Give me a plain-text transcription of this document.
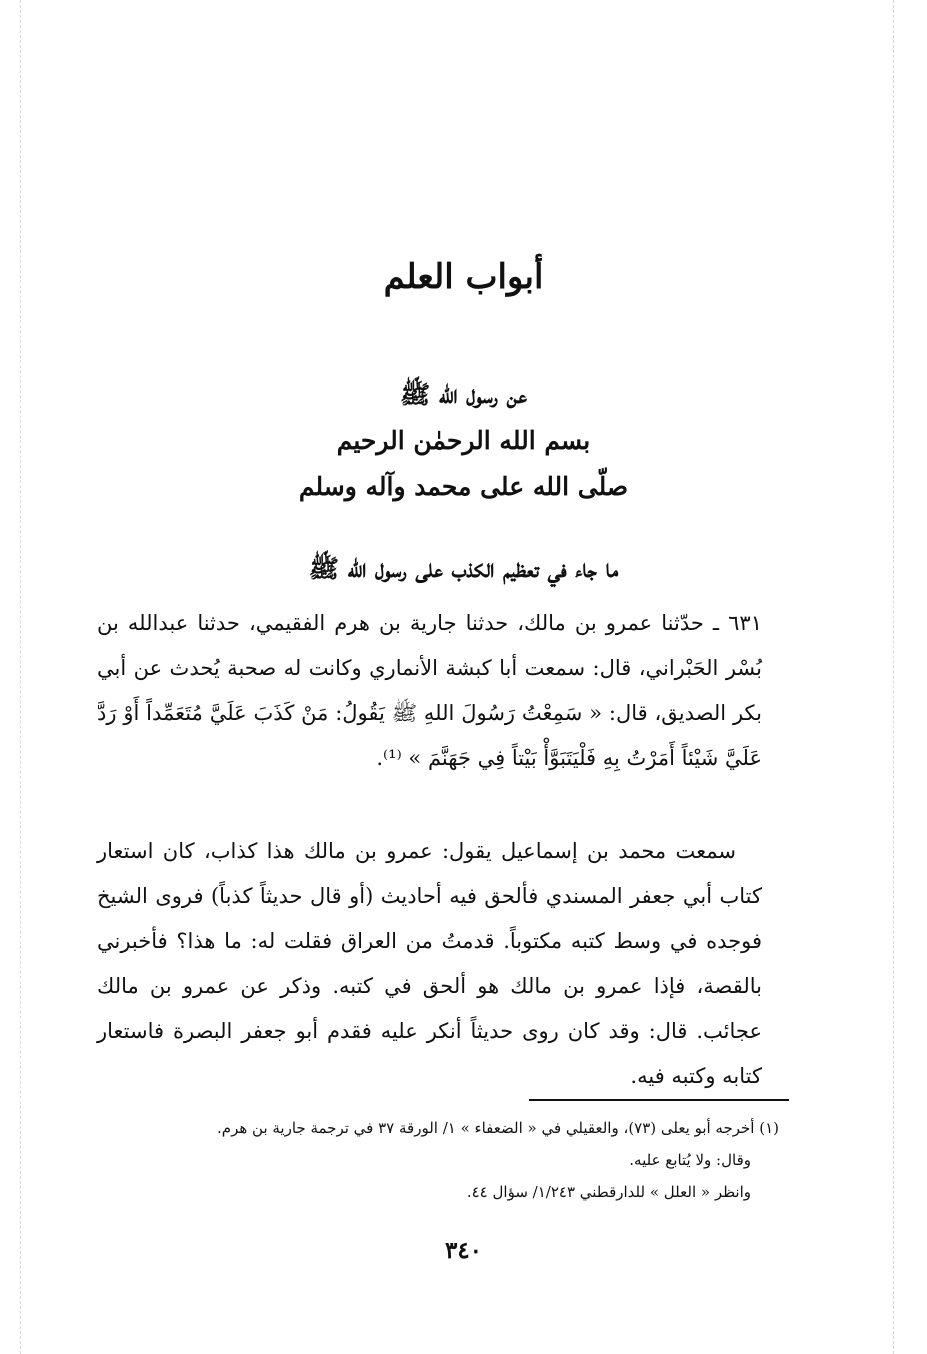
أبواب العلم
عن رسول الله ﷺ
بسم الله الرحمٰن الرحيم
صلّى الله على محمد وآله وسلم
ما جاء في تعظيم الكذب على رسول الله ﷺ

٦٣١ ـ حدّثنا عمرو بن مالك، حدثنا جارية بن هرم الفقيمي، حدثنا عبدالله بن بُسْر الحَبْراني، قال: سمعت أبا كبشة الأنماري وكانت له صحبة يُحدث عن أبي بكر الصديق، قال: « سَمِعْتُ رَسُولَ اللهِ ﷺ يَقُولُ: مَنْ كَذَبَ عَلَيَّ مُتَعَمِّداً أَوْ رَدَّ عَلَيَّ شَيْئاً أَمَرْتُ بِهِ فَلْيَتَبَوَّأْ بَيْتاً فِي جَهَنَّمَ » ⁽¹⁾.

سمعت محمد بن إسماعيل يقول: عمرو بن مالك هذا كذاب، كان استعار كتاب أبي جعفر المسندي فألحق فيه أحاديث (أو قال حديثاً كذباً) فروى الشيخ فوجده في وسط كتبه مكتوباً. قدمتُ من العراق فقلت له: ما هذا؟ فأخبرني بالقصة، فإذا عمرو بن مالك هو ألحق في كتبه. وذكر عن عمرو بن مالك عجائب. قال: وقد كان روى حديثاً أنكر عليه فقدم أبو جعفر البصرة فاستعار كتابه وكتبه فيه.

(١) أخرجه أبو يعلى (٧٣)، والعقيلي في « الضعفاء » ١/ الورقة ٣٧ في ترجمة جارية بن هرم.
وقال: ولا يُتابع عليه.
وانظر « العلل » للدارقطني ١/٢٤٣/ سؤال ٤٤.
٣٤٠
